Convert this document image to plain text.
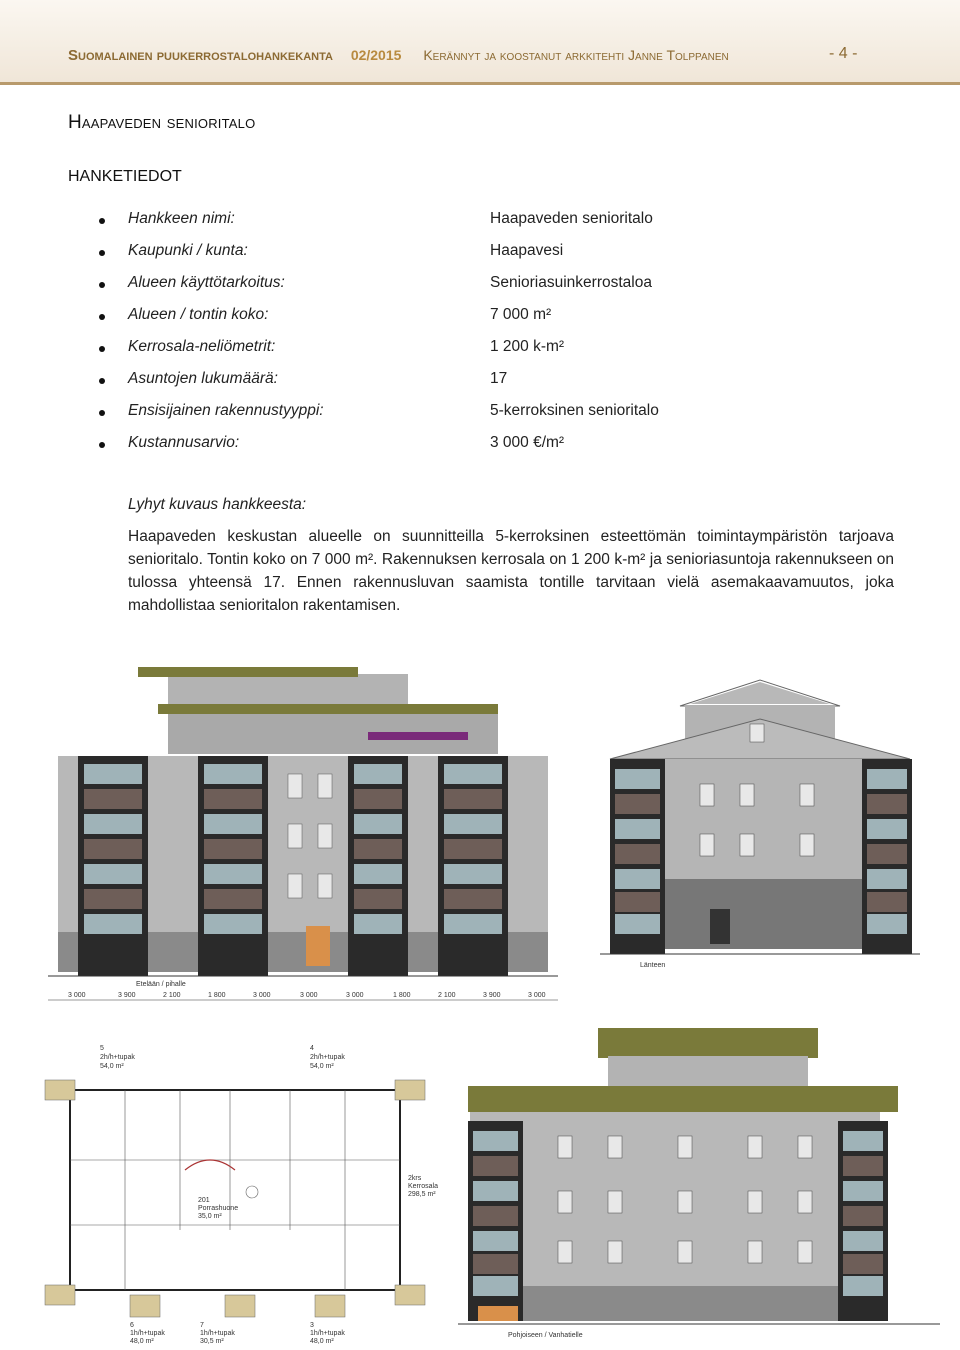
Suomalainen puukerrostalohankekanta 02/2015 Kerännyt ja koostanut arkkitehti Janne Tolppanen	- 4 -
Haapaveden senioritalo
HANKETIEDOT
Hankkeen nimi:	Haapaveden senioritalo
Kaupunki / kunta:	Haapavesi
Alueen käyttötarkoitus:	Senioriasuinkerrostaloa
Alueen / tontin koko:	7 000 m²
Kerrosala-neliömetrit:	1 200 k-m²
Asuntojen lukumäärä:	17
Ensisijainen rakennustyyppi:	5-kerroksinen senioritalo
Kustannusarvio:	3 000 €/m²
Lyhyt kuvaus hankkeesta:
Haapaveden keskustan alueelle on suunnitteilla 5-kerroksinen esteettömän toimintaympäristön tarjoava senioritalo. Tontin koko on 7 000 m². Rakennuksen kerrosala on 1 200 k-m² ja senioriasuntoja rakennukseen on tulossa yhteensä 17. Ennen rakennusluvan saamista tontille tarvitaan vielä asemakaavamuutos, joka mahdollistaa senioritalon rakentamisen.
Etelään / pihalle
3 000	3 900	2 100	1 800	3 000	3 000	3 000	1 800	2 100	3 900	3 000
Länteen
5
2h/h+tupak
54,0 m²
4
2h/h+tupak
54,0 m²
6
1h/h+tupak
48,0 m²
7
1h/h+tupak
30,5 m²
3
1h/h+tupak
48,0 m²
201
Porrashuone
35,0 m²
2krs
Kerrosala
298,5 m²
Pohjoiseen / Vanhatielle
